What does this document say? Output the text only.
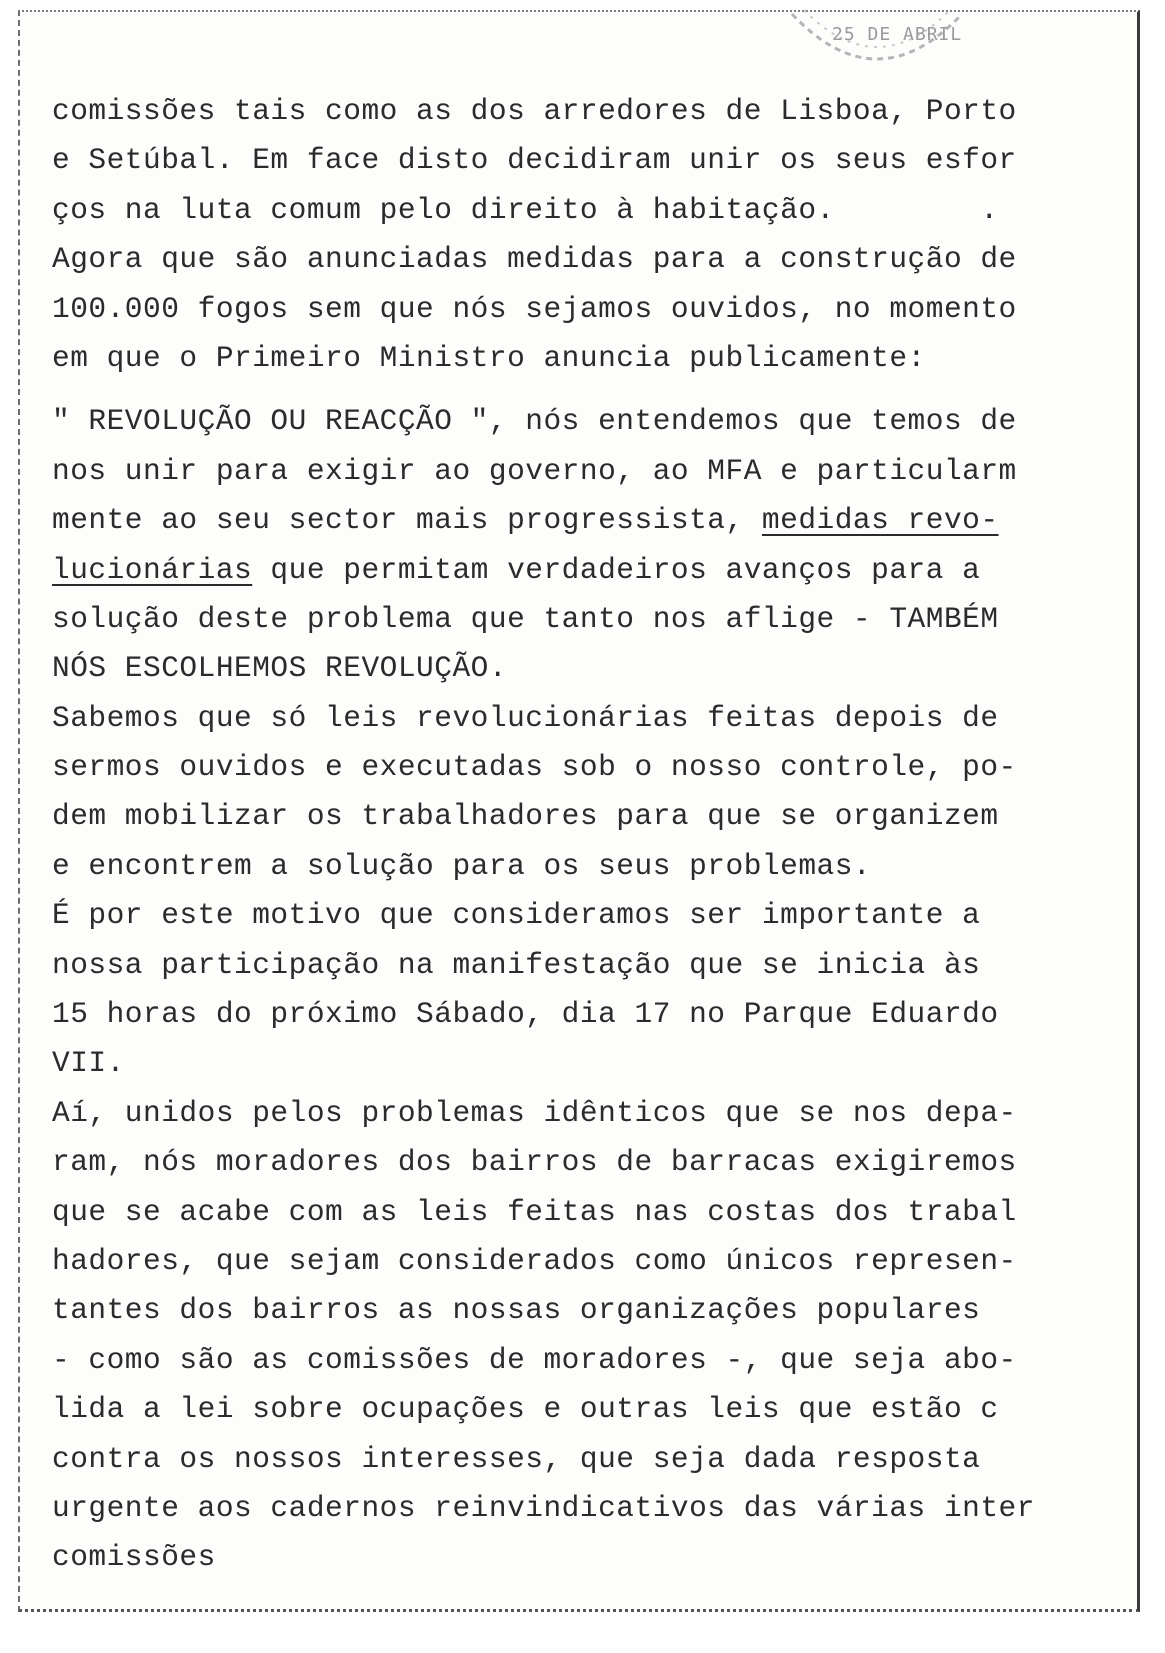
25 DE ABRIL
comissões tais como as dos arredores de Lisboa, Porto
e Setúbal. Em face disto decidiram unir os seus esfor
ços na luta comum pelo direito à habitação.        .
Agora que são anunciadas medidas para a construção de
100.000 fogos sem que nós sejamos ouvidos, no momento
em que o Primeiro Ministro anuncia publicamente:
" REVOLUÇÃO OU REACÇÃO ", nós entendemos que temos de
nos unir para exigir ao governo, ao MFA e particularm
mente ao seu sector mais progressista, medidas revo-
lucionárias que permitam verdadeiros avanços para a
solução deste problema que tanto nos aflige - TAMBÉM
NÓS ESCOLHEMOS REVOLUÇÃO.
Sabemos que só leis revolucionárias feitas depois de
sermos ouvidos e executadas sob o nosso controle, po-
dem mobilizar os trabalhadores para que se organizem
e encontrem a solução para os seus problemas.
É por este motivo que consideramos ser importante a
nossa participação na manifestação que se inicia às
15 horas do próximo Sábado, dia 17 no Parque Eduardo
VII.
Aí, unidos pelos problemas idênticos que se nos depa-
ram, nós moradores dos bairros de barracas exigiremos
que se acabe com as leis feitas nas costas dos trabal
hadores, que sejam considerados como únicos represen-
tantes dos bairros as nossas organizações populares
- como são as comissões de moradores -, que seja abo-
lida a lei sobre ocupações e outras leis que estão c
contra os nossos interesses, que seja dada resposta
urgente aos cadernos reinvindicativos das várias inter
comissões
